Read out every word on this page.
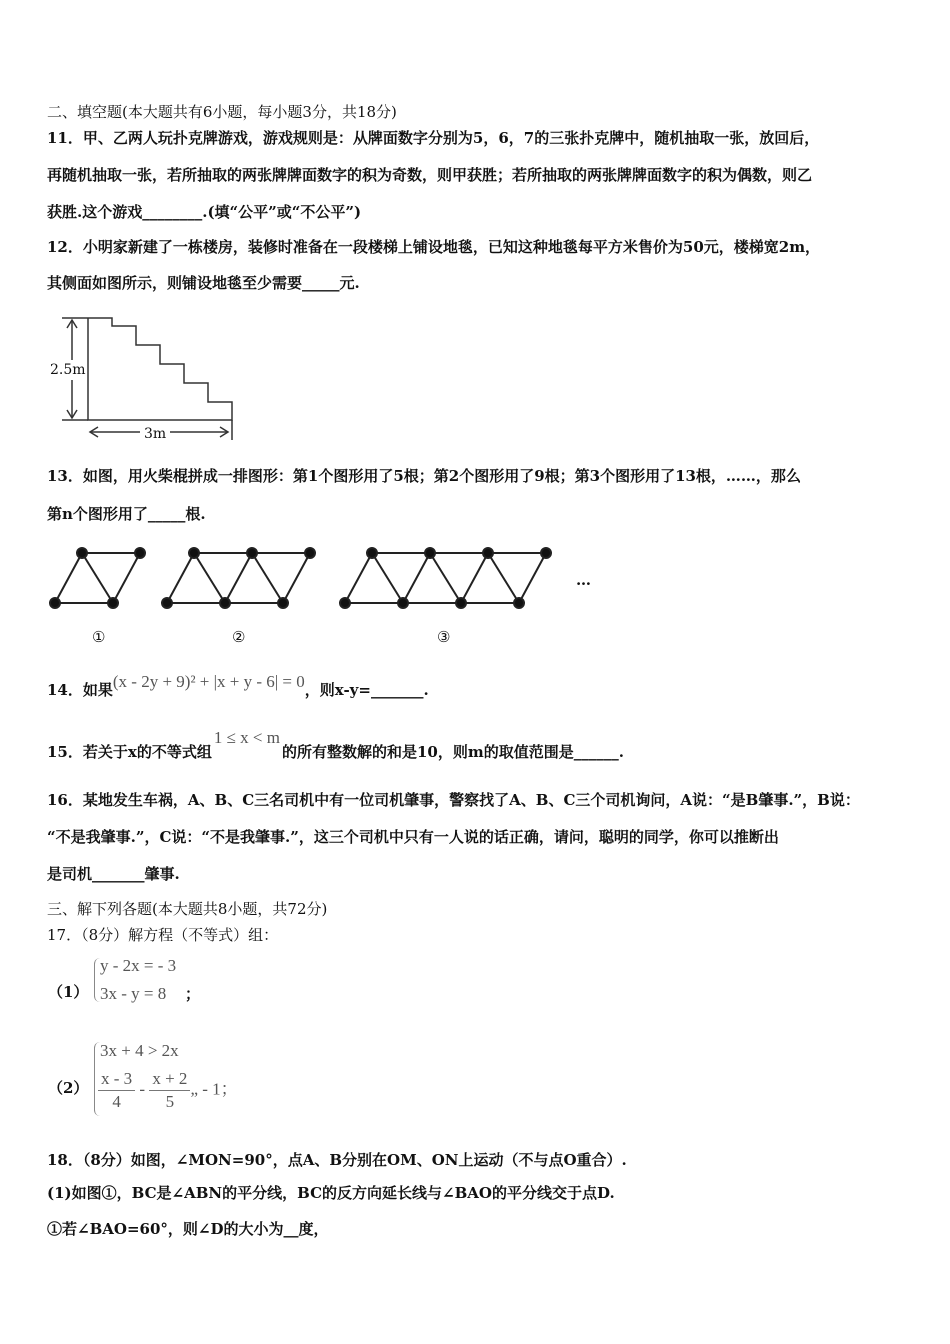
二、填空题(本大题共有6小题，每小题3分，共18分)
11．甲、乙两人玩扑克牌游戏，游戏规则是：从牌面数字分别为5，6，7的三张扑克牌中，随机抽取一张，放回后，
再随机抽取一张，若所抽取的两张牌牌面数字的积为奇数，则甲获胜；若所抽取的两张牌牌面数字的积为偶数，则乙
获胜.这个游戏________.(填“公平”或“不公平”)
12．小明家新建了一栋楼房，装修时准备在一段楼梯上铺设地毯，已知这种地毯每平方米售价为50元，楼梯宽2m，
其侧面如图所示，则铺设地毯至少需要_____元.
2.5m
3m
13．如图，用火柴棍拼成一排图形：第1个图形用了5根；第2个图形用了9根；第3个图形用了13根，……，那么
第n个图形用了_____根.
①	②	③
…
14．如果(x - 2y + 9)² + |x + y - 6| = 0，则x-y=_______.
15．若关于x的不等式组1 ≤ x < m的所有整数解的和是10，则m的取值范围是______.
16．某地发生车祸，A、B、C三名司机中有一位司机肇事，警察找了A、B、C三个司机询问，A说：“是B肇事.”，B说：
“不是我肇事.”，C说：“不是我肇事.”，这三个司机中只有一人说的话正确，请问，聪明的同学，你可以推断出
是司机_______肇事.
三、解下列各题(本大题共8小题，共72分)
17．（8分）解方程（不等式）组：
（1）
y - 2x = - 3
3x - y = 8 ；
（2）
3x + 4 > 2x
$\frac{x - 3}{4} - \frac{x + 2}{5}$ „ - 1；
18．（8分）如图，∠MON=90°，点A、B分别在OM、ON上运动（不与点O重合）.
(1)如图①，BC是∠ABN的平分线，BC的反方向延长线与∠BAO的平分线交于点D.
①若∠BAO=60°，则∠D的大小为__度，
